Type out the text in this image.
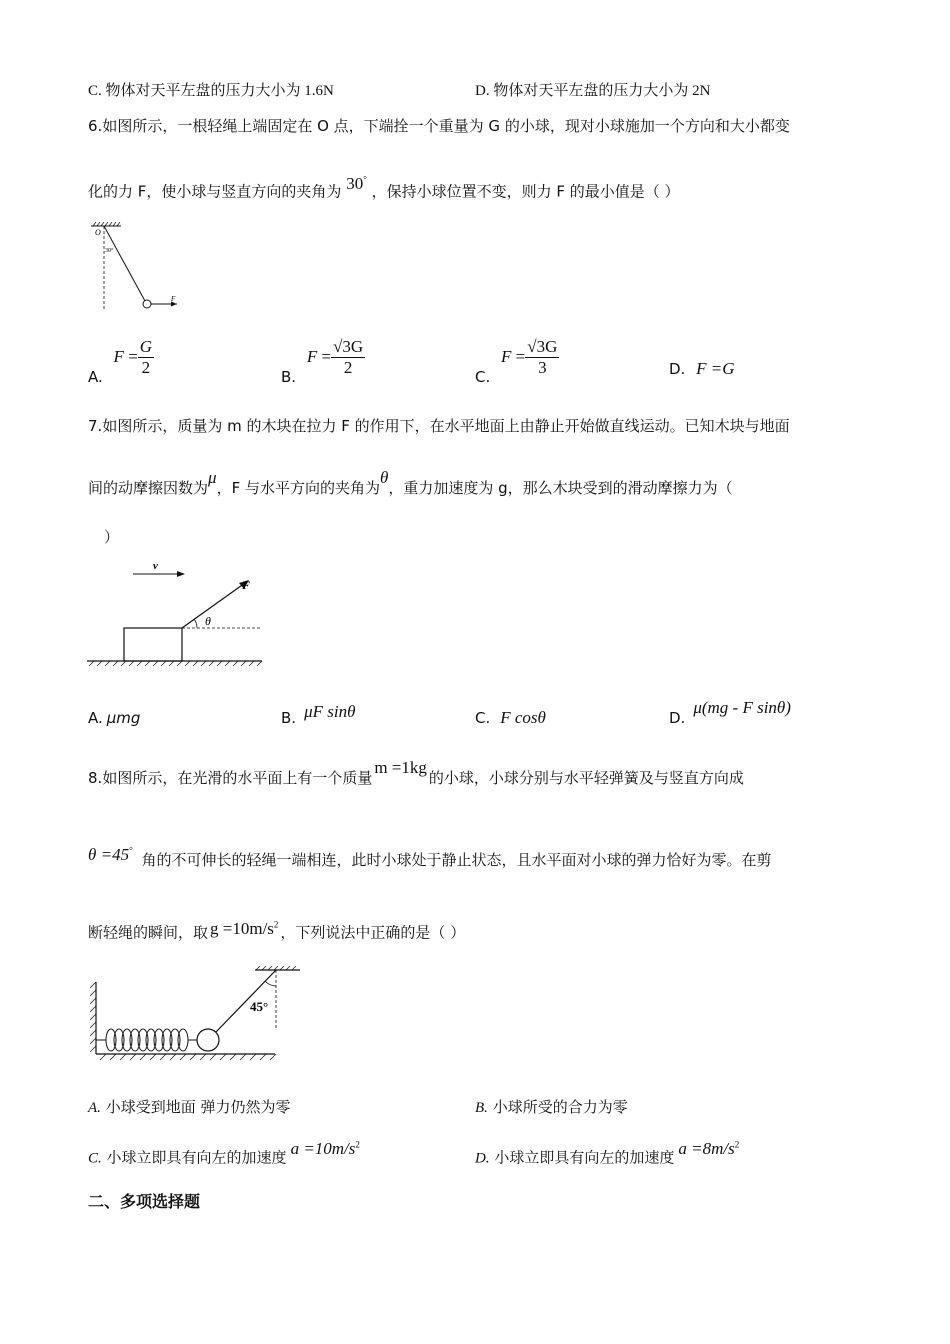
C. 物体对天平左盘的压力大小为 1.6N	D. 物体对天平左盘的压力大小为 2N
6.如图所示，一根轻绳上端固定在 O 点，下端拴一个重量为 G 的小球，现对小球施加一个方向和大小都变
化的力 F，使小球与竖直方向的夹角为 30° ，保持小球位置不变，则力 F 的最小值是（ ）
O
30°
F
A. $F = \frac{G}{2}$	B. $F = \frac{√3G}{2}$	C. $F = \frac{√3G}{3}$	D. F =G
7.如图所示，质量为 m 的木块在拉力 F 的作用下，在水平地面上由静止开始做直线运动。已知木块与地面
间的动摩擦因数为μ，F 与水平方向的夹角为θ，重力加速度为 g，那么木块受到的滑动摩擦力为（
）
v
F
θ
A. μmg	B. μF sinθ	C. F cosθ	D.μ(mg - F sinθ)
8.如图所示，在光滑的水平面上有一个质量m =1kg的小球，小球分别与水平轻弹簧及与竖直方向成
θ =45° 角的不可伸长的轻绳一端相连，此时小球处于静止状态，且水平面对小球的弹力恰好为零。在剪
断轻绳的瞬间，取 $g =10m/s^2$ ，下列说法中正确的是（ ）
45°
A. 小球受到地面 弹力仍然为零	B. 小球所受的合力为零
C. 小球立即具有向左的加速度 $a =10m/s^2$
D. 小球立即具有向左的加速度 $a =8m/s^2$
二、多项选择题
